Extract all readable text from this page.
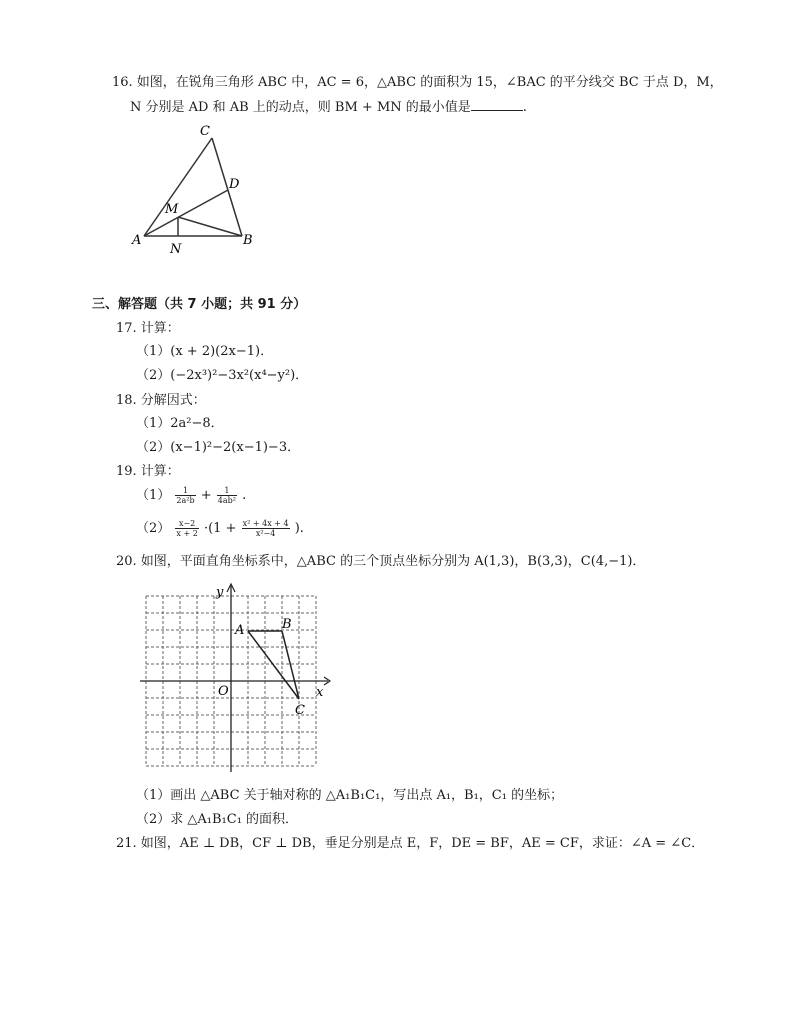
16. 如图，在锐角三角形 ABC 中，AC = 6，△ABC 的面积为 15，∠BAC 的平分线交 BC 于点 D，M，
N 分别是 AD 和 AB 上的动点，则 BM + MN 的最小值是	.
A	B
C
D
M
N
三、解答题（共 7 小题；共 91 分）
17. 计算：
（1）(x + 2)(2x−1)．
（2）(−2x³)²−3x²(x⁴−y²)．
18. 分解因式：
（1）2a²−8．
（2）(x−1)²−2(x−1)−3．
19. 计算：
$(1) \frac{1}{\text{2a²b}} + \frac{1}{\text{4ab²}}$ .
$(2) \frac{x-2}{x + 2} \cdot(1 + \frac{\text{x² + 4x + 4}}{\text{x²−4}}$ ).
20. 如图，平面直角坐标系中，△ABC 的三个顶点坐标分别为 A(1,3)，B(3,3)，C(4,−1)．
A	B
C
O	x
y
（1）画出 △ABC 关于轴对称的 △A₁B₁C₁，写出点 A₁，B₁，C₁ 的坐标；
（2）求 △A₁B₁C₁ 的面积．
21. 如图，AE ⊥ DB，CF ⊥ DB，垂足分别是点 E，F，DE = BF，AE = CF，求证：∠A = ∠C．
